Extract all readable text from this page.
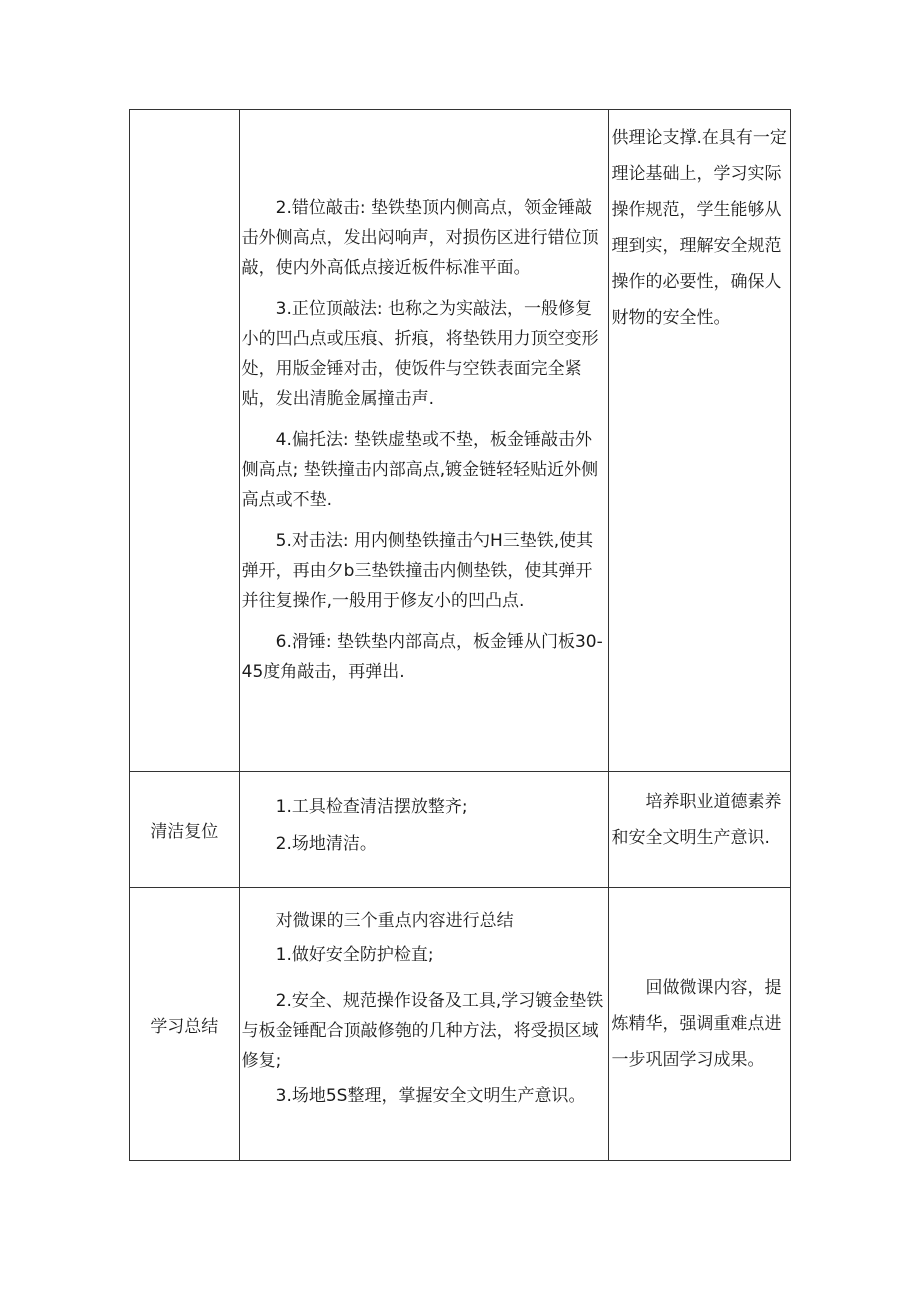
	2.错位敲击: 垫铁垫顶内侧高点，领金锤敲击外侧高点，发出闷响声，对损伤区进行错位顶敲，使内外高低点接近板件标准平面。

3.正位顶敲法: 也称之为实敲法，一般修复小的凹凸点或压痕、折痕，将垫铁用力顶空变形处，用版金锤对击，使饭件与空铁表面完全紧贴，发出清脆金属撞击声.

4.偏托法: 垫铁虚垫或不垫，板金锤敲击外侧高点; 垫铁撞击内部高点,镀金链轻轻贴近外侧高点或不垫.

5.对击法: 用内侧垫铁撞击勺H三垫铁,使其弹开，再由夕b三垫铁撞击内侧垫铁，使其弹开并往复操作,一般用于修友小的凹凸点.

6.滑锤: 垫铁垫内部高点，板金锤从门板30-45度角敲击，再弹出.	供理论支撑.在具有一定理论基础上，学习实际操作规范，学生能够从理到实，理解安全规范操作的必要性，确保人财物的安全性。

清洁复位	1.工具检查清洁摆放整齐;

2.场地清洁。	培养职业道德素养和安全文明生产意识.

学习总结	对微课的三个重点内容进行总结

1.做好安全防护检直;

2.安全、规范操作设备及工具,学习镀金垫铁与板金锤配合顶敲修匏的几种方法，将受损区域修复;

3.场地5S整理，掌握安全文明生产意识。	回做微课内容，提炼精华，强调重难点进一步巩固学习成果。
